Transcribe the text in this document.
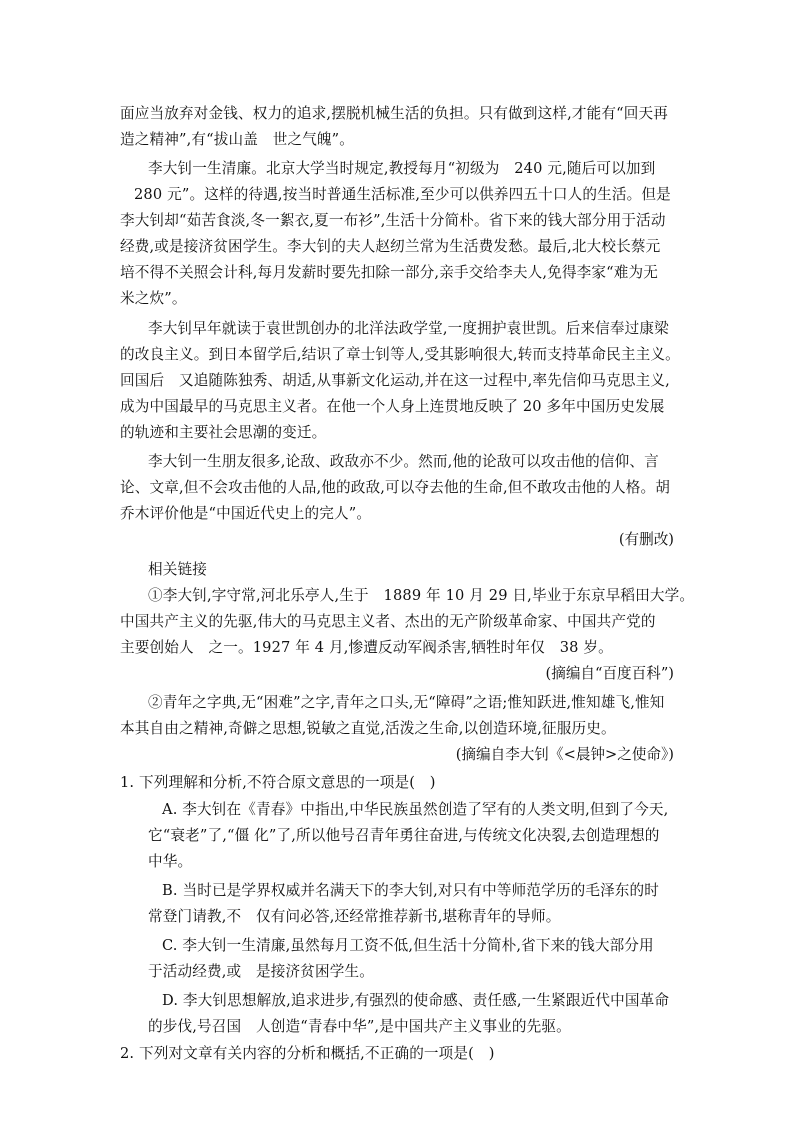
面应当放弃对金钱、权力的追求,摆脱机械生活的负担。只有做到这样,才能有“回天再
造之精神”,有“拔山盖　世之气魄”。
李大钊一生清廉。北京大学当时规定,教授每月“初级为　240 元,随后可以加到
280 元”。这样的待遇,按当时普通生活标准,至少可以供养四五十口人的生活。但是
李大钊却“茹苦食淡,冬一絮衣,夏一布衫”,生活十分简朴。省下来的钱大部分用于活动
经费,或是接济贫困学生。李大钊的夫人赵纫兰常为生活费发愁。最后,北大校长蔡元
培不得不关照会计科,每月发薪时要先扣除一部分,亲手交给李夫人,免得李家“难为无
米之炊”。
李大钊早年就读于袁世凯创办的北洋法政学堂,一度拥护袁世凯。后来信奉过康梁
的改良主义。到日本留学后,结识了章士钊等人,受其影响很大,转而支持革命民主主义。
回国后　又追随陈独秀、胡适,从事新文化运动,并在这一过程中,率先信仰马克思主义,
成为中国最早的马克思主义者。在他一个人身上连贯地反映了 20 多年中国历史发展
的轨迹和主要社会思潮的变迁。
李大钊一生朋友很多,论敌、政敌亦不少。然而,他的论敌可以攻击他的信仰、言
论、文章,但不会攻击他的人品,他的政敌,可以夺去他的生命,但不敢攻击他的人格。胡
乔木评价他是“中国近代史上的完人”。
(有删改)
相关链接
①李大钊,字守常,河北乐亭人,生于　1889 年 10 月 29 日,毕业于东京早稻田大学。
中国共产主义的先驱,伟大的马克思主义者、杰出的无产阶级革命家、中国共产党的
主要创始人　之一。1927 年 4 月,惨遭反动军阀杀害,牺牲时年仅　38 岁。
(摘编自“百度百科”)
②青年之字典,无“困难”之字,青年之口头,无“障碍”之语;惟知跃进,惟知雄飞,惟知
本其自由之精神,奇僻之思想,锐敏之直觉,活泼之生命,以创造环境,征服历史。
(摘编自李大钊《<晨钟>之使命》)
1. 下列理解和分析,不符合原文意思的一项是(　)
A. 李大钊在《青春》中指出,中华民族虽然创造了罕有的人类文明,但到了今天,
它“衰老”了,“僵 化”了,所以他号召青年勇往奋进,与传统文化决裂,去创造理想的
中华。
B. 当时已是学界权威并名满天下的李大钊,对只有中等师范学历的毛泽东的时
常登门请教,不　仅有问必答,还经常推荐新书,堪称青年的导师。
C. 李大钊一生清廉,虽然每月工资不低,但生活十分简朴,省下来的钱大部分用
于活动经费,或　是接济贫困学生。
D. 李大钊思想解放,追求进步,有强烈的使命感、责任感,一生紧跟近代中国革命
的步伐,号召国　人创造“青春中华”,是中国共产主义事业的先驱。
2. 下列对文章有关内容的分析和概括,不正确的一项是(　)
